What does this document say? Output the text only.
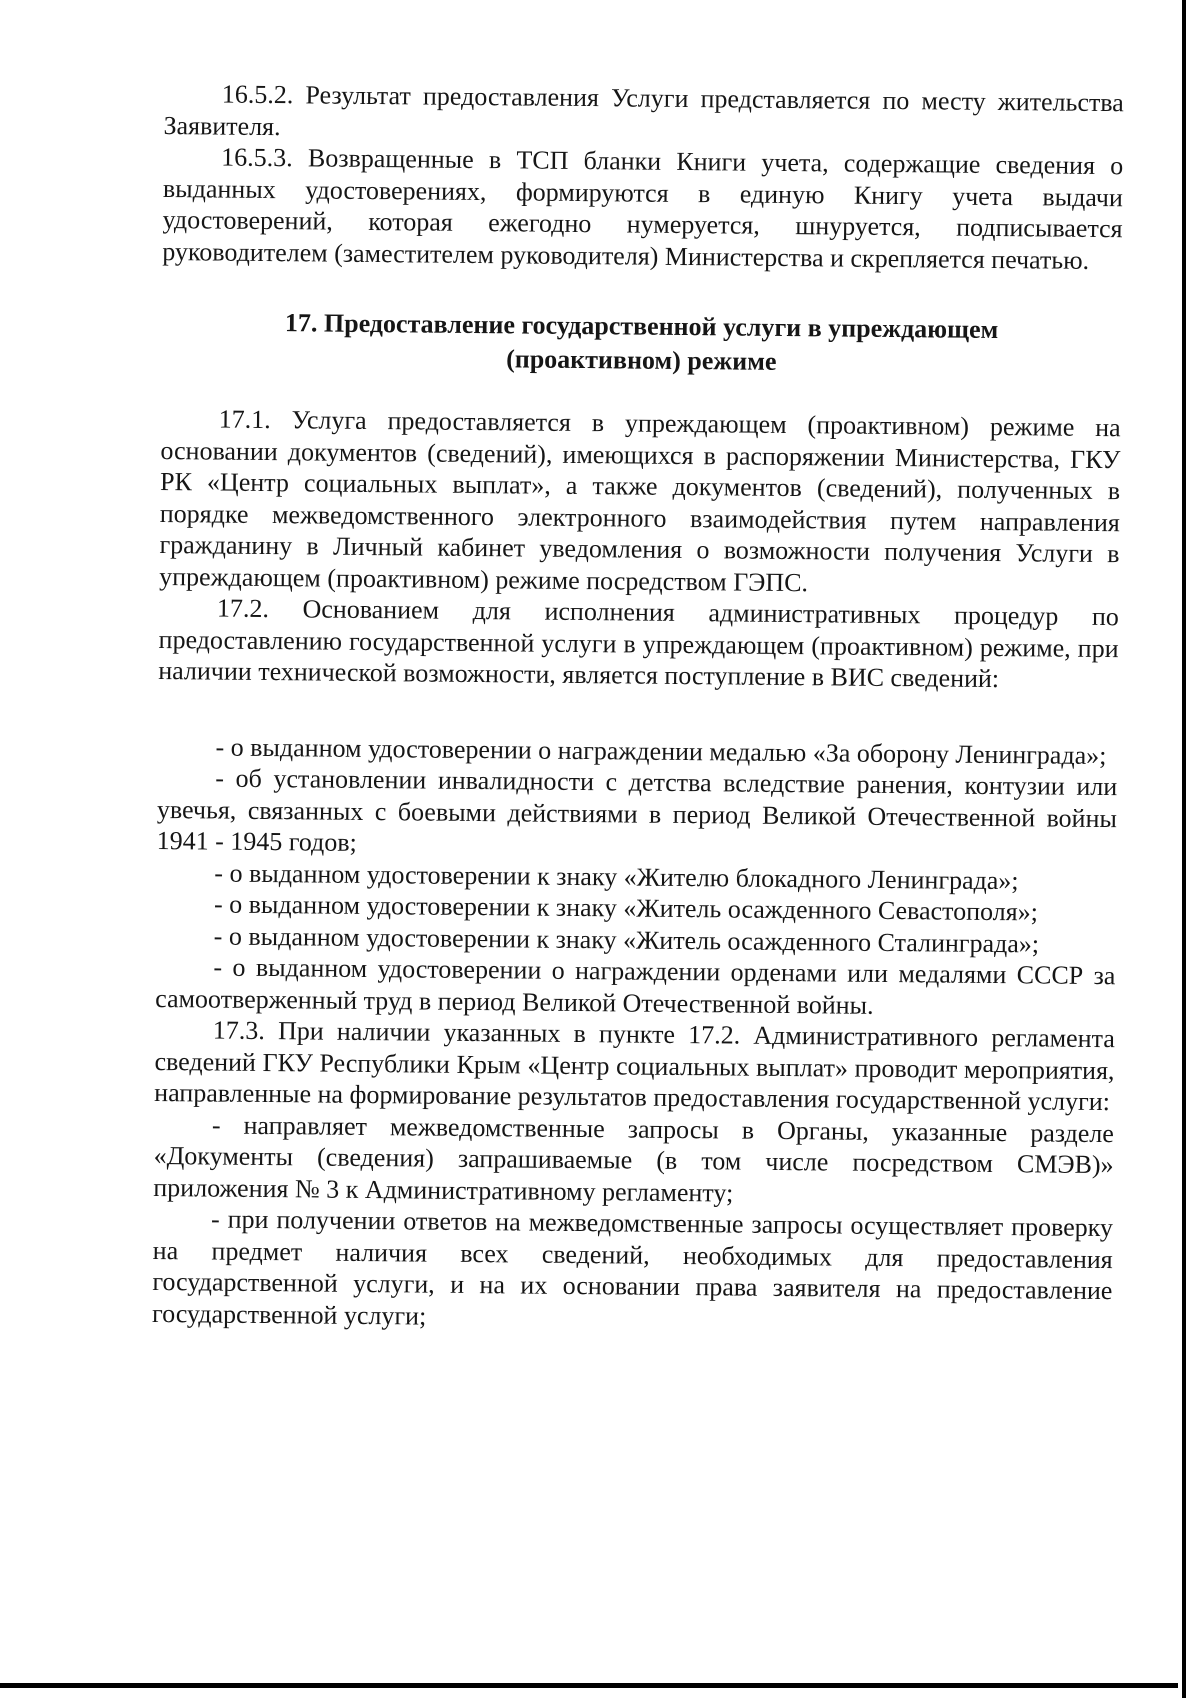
16.5.2. Результат предоставления Услуги представляется по месту жительства Заявителя.

16.5.3. Возвращенные в ТСП бланки Книги учета, содержащие сведения о выданных удостоверениях, формируются в единую Книгу учета выдачи удостоверений, которая ежегодно нумеруется, шнуруется, подписывается руководителем (заместителем руководителя) Министерства и скрепляется печатью.

17. Предоставление государственной услуги в упреждающем
(проактивном) режиме

17.1. Услуга предоставляется в упреждающем (проактивном) режиме на основании документов (сведений), имеющихся в распоряжении Министерства, ГКУ РК «Центр социальных выплат», а также документов (сведений), полученных в порядке межведомственного электронного взаимодействия путем направления гражданину в Личный кабинет уведомления о возможности получения Услуги в упреждающем (проактивном) режиме посредством ГЭПС.

17.2. Основанием для исполнения административных процедур по предоставлению государственной услуги в упреждающем (проактивном) режиме, при наличии технической возможности, является поступление в ВИС сведений:

- о выданном удостоверении о награждении медалью «За оборону Ленинграда»;

- об установлении инвалидности с детства вследствие ранения, контузии или увечья, связанных с боевыми действиями в период Великой Отечественной войны 1941 - 1945 годов;

- о выданном удостоверении к знаку «Жителю блокадного Ленинграда»;

- о выданном удостоверении к знаку «Житель осажденного Севастополя»;

- о выданном удостоверении к знаку «Житель осажденного Сталинграда»;

- о выданном удостоверении о награждении орденами или медалями СССР за самоотверженный труд в период Великой Отечественной войны.

17.3. При наличии указанных в пункте 17.2. Административного регламента сведений ГКУ Республики Крым «Центр социальных выплат» проводит мероприятия, направленные на формирование результатов предоставления государственной услуги:

- направляет межведомственные запросы в Органы, указанные разделе «Документы (сведения) запрашиваемые (в том числе посредством СМЭВ)» приложения № 3 к Административному регламенту;

- при получении ответов на межведомственные запросы осуществляет проверку на предмет наличия всех сведений, необходимых для предоставления государственной услуги, и на их основании права заявителя на предоставление государственной услуги;
